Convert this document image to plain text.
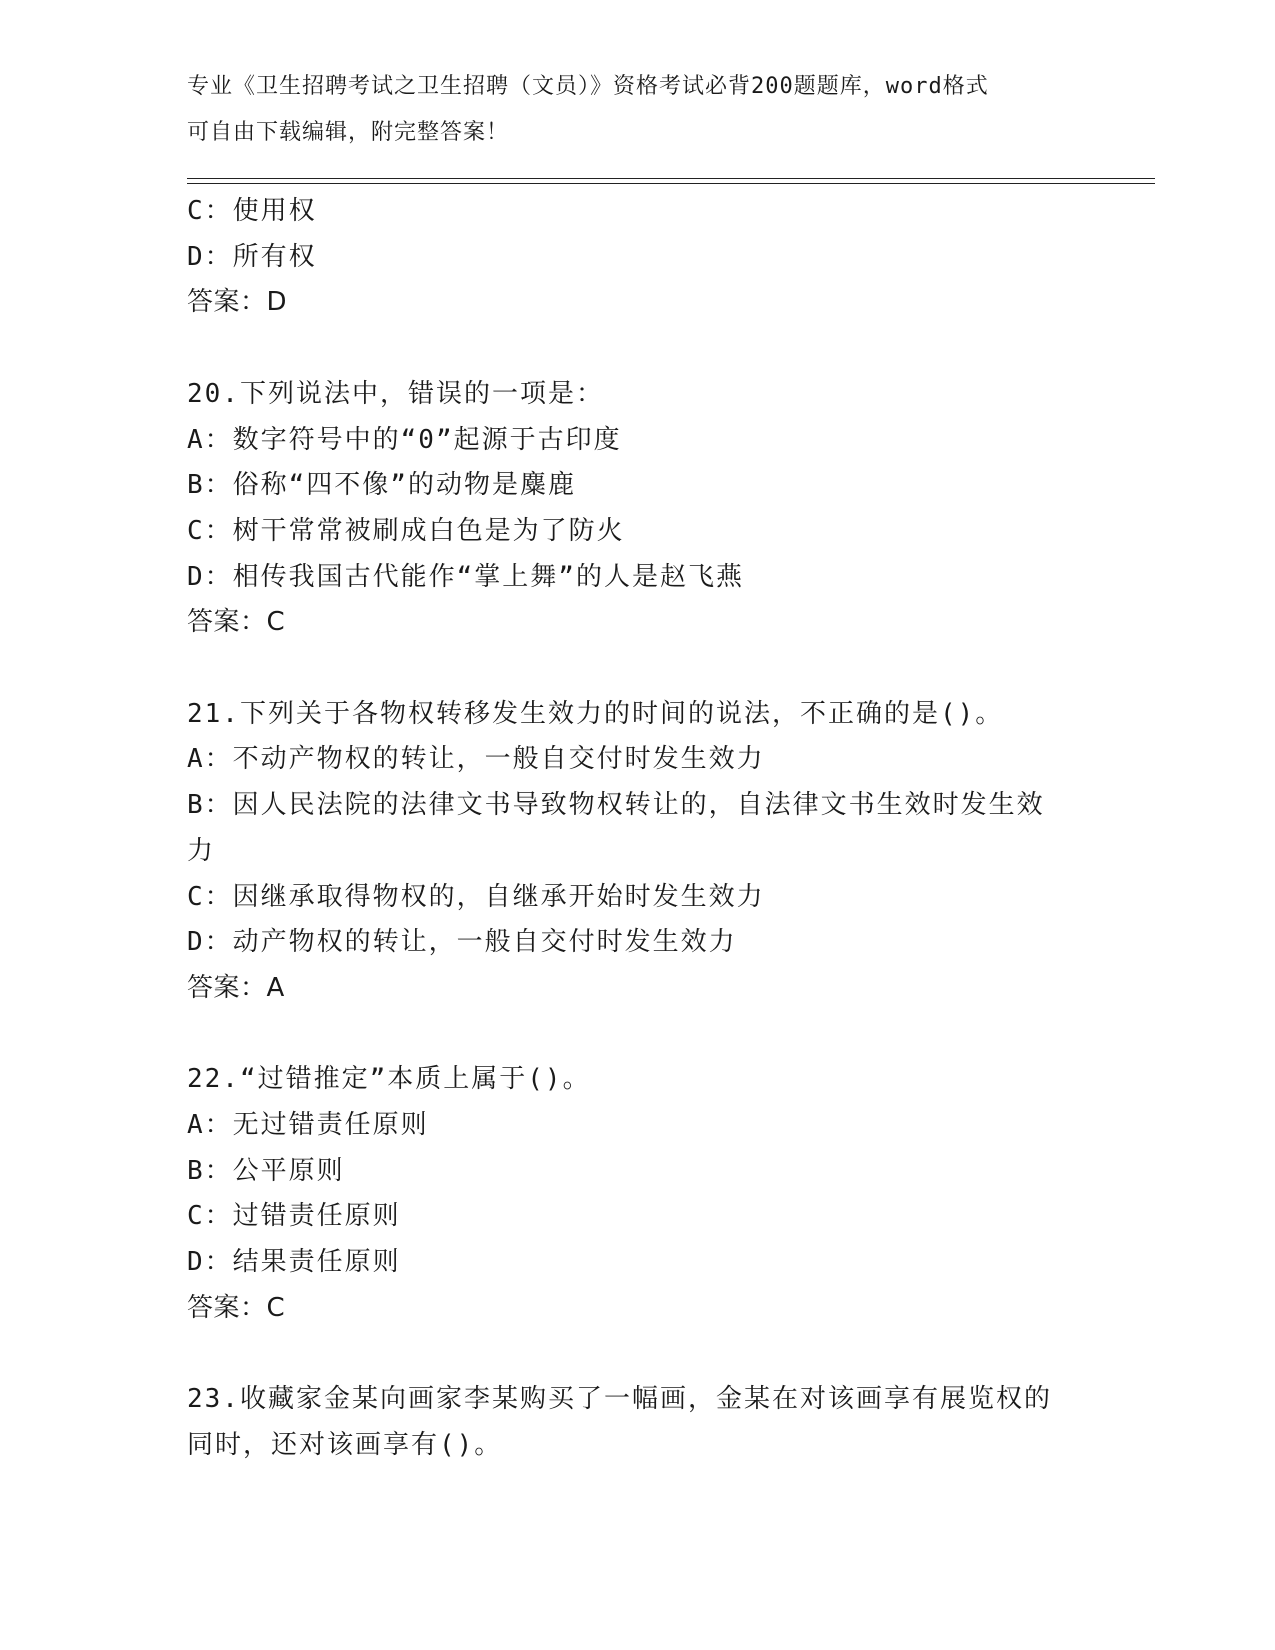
专业《卫生招聘考试之卫生招聘（文员）》资格考试必背200题题库，word格式
可自由下载编辑，附完整答案！
C：使用权
D：所有权
答案：D
20.下列说法中，错误的一项是：
A：数字符号中的“0”起源于古印度
B：俗称“四不像”的动物是麋鹿
C：树干常常被刷成白色是为了防火
D：相传我国古代能作“掌上舞”的人是赵飞燕
答案：C
21.下列关于各物权转移发生效力的时间的说法，不正确的是()。
A：不动产物权的转让，一般自交付时发生效力
B：因人民法院的法律文书导致物权转让的，自法律文书生效时发生效
力
C：因继承取得物权的，自继承开始时发生效力
D：动产物权的转让，一般自交付时发生效力
答案：A
22.“过错推定”本质上属于()。
A：无过错责任原则
B：公平原则
C：过错责任原则
D：结果责任原则
答案：C
23.收藏家金某向画家李某购买了一幅画，金某在对该画享有展览权的
同时，还对该画享有()。
